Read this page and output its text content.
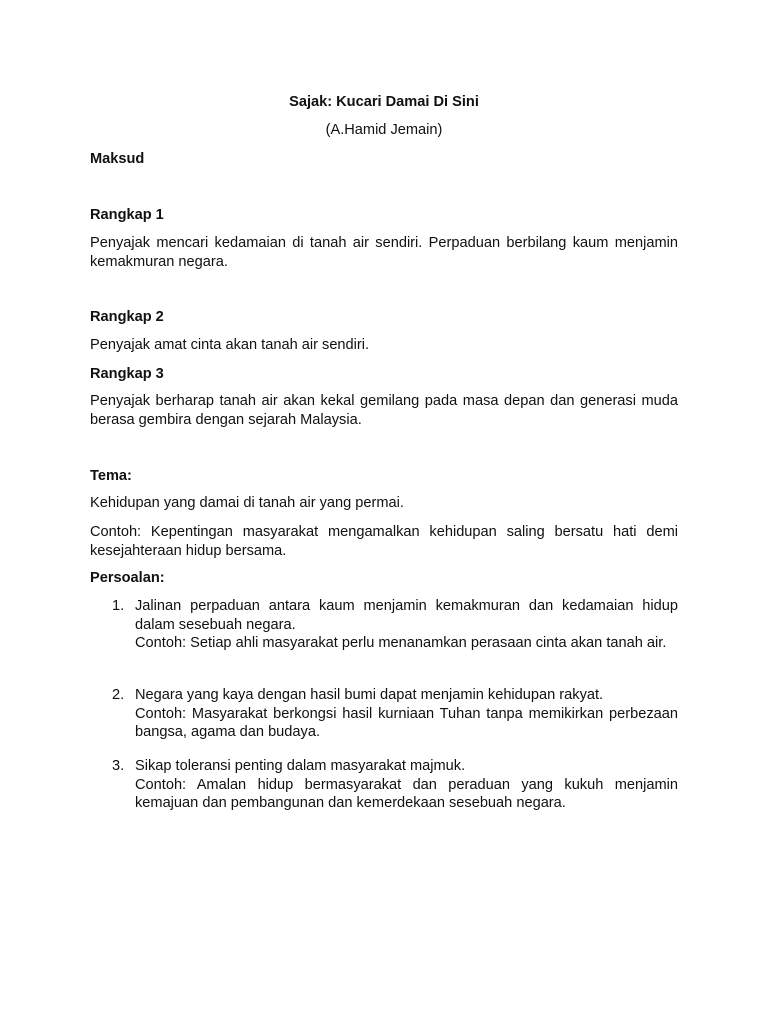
Sajak: Kucari Damai Di Sini
(A.Hamid Jemain)
Maksud
Rangkap 1
Penyajak mencari kedamaian di tanah air sendiri. Perpaduan berbilang kaum menjamin kemakmuran negara.
Rangkap 2
Penyajak amat cinta akan tanah air sendiri.
Rangkap 3
Penyajak berharap tanah air akan kekal gemilang pada masa depan dan generasi muda berasa gembira dengan sejarah Malaysia.
Tema:
Kehidupan yang damai di tanah air yang permai.
Contoh: Kepentingan masyarakat mengamalkan kehidupan saling bersatu hati demi kesejahteraan hidup bersama.
Persoalan:
1. Jalinan perpaduan antara kaum menjamin kemakmuran dan kedamaian hidup dalam sesebuah negara.

Contoh: Setiap ahli masyarakat perlu menanamkan perasaan cinta akan tanah air.

2. Negara yang kaya dengan hasil bumi dapat menjamin kehidupan rakyat.

Contoh: Masyarakat berkongsi hasil kurniaan Tuhan tanpa memikirkan perbezaan bangsa, agama dan budaya.

3. Sikap toleransi penting dalam masyarakat majmuk.

Contoh: Amalan hidup bermasyarakat dan peraduan yang kukuh menjamin kemajuan dan pembangunan dan kemerdekaan sesebuah negara.
